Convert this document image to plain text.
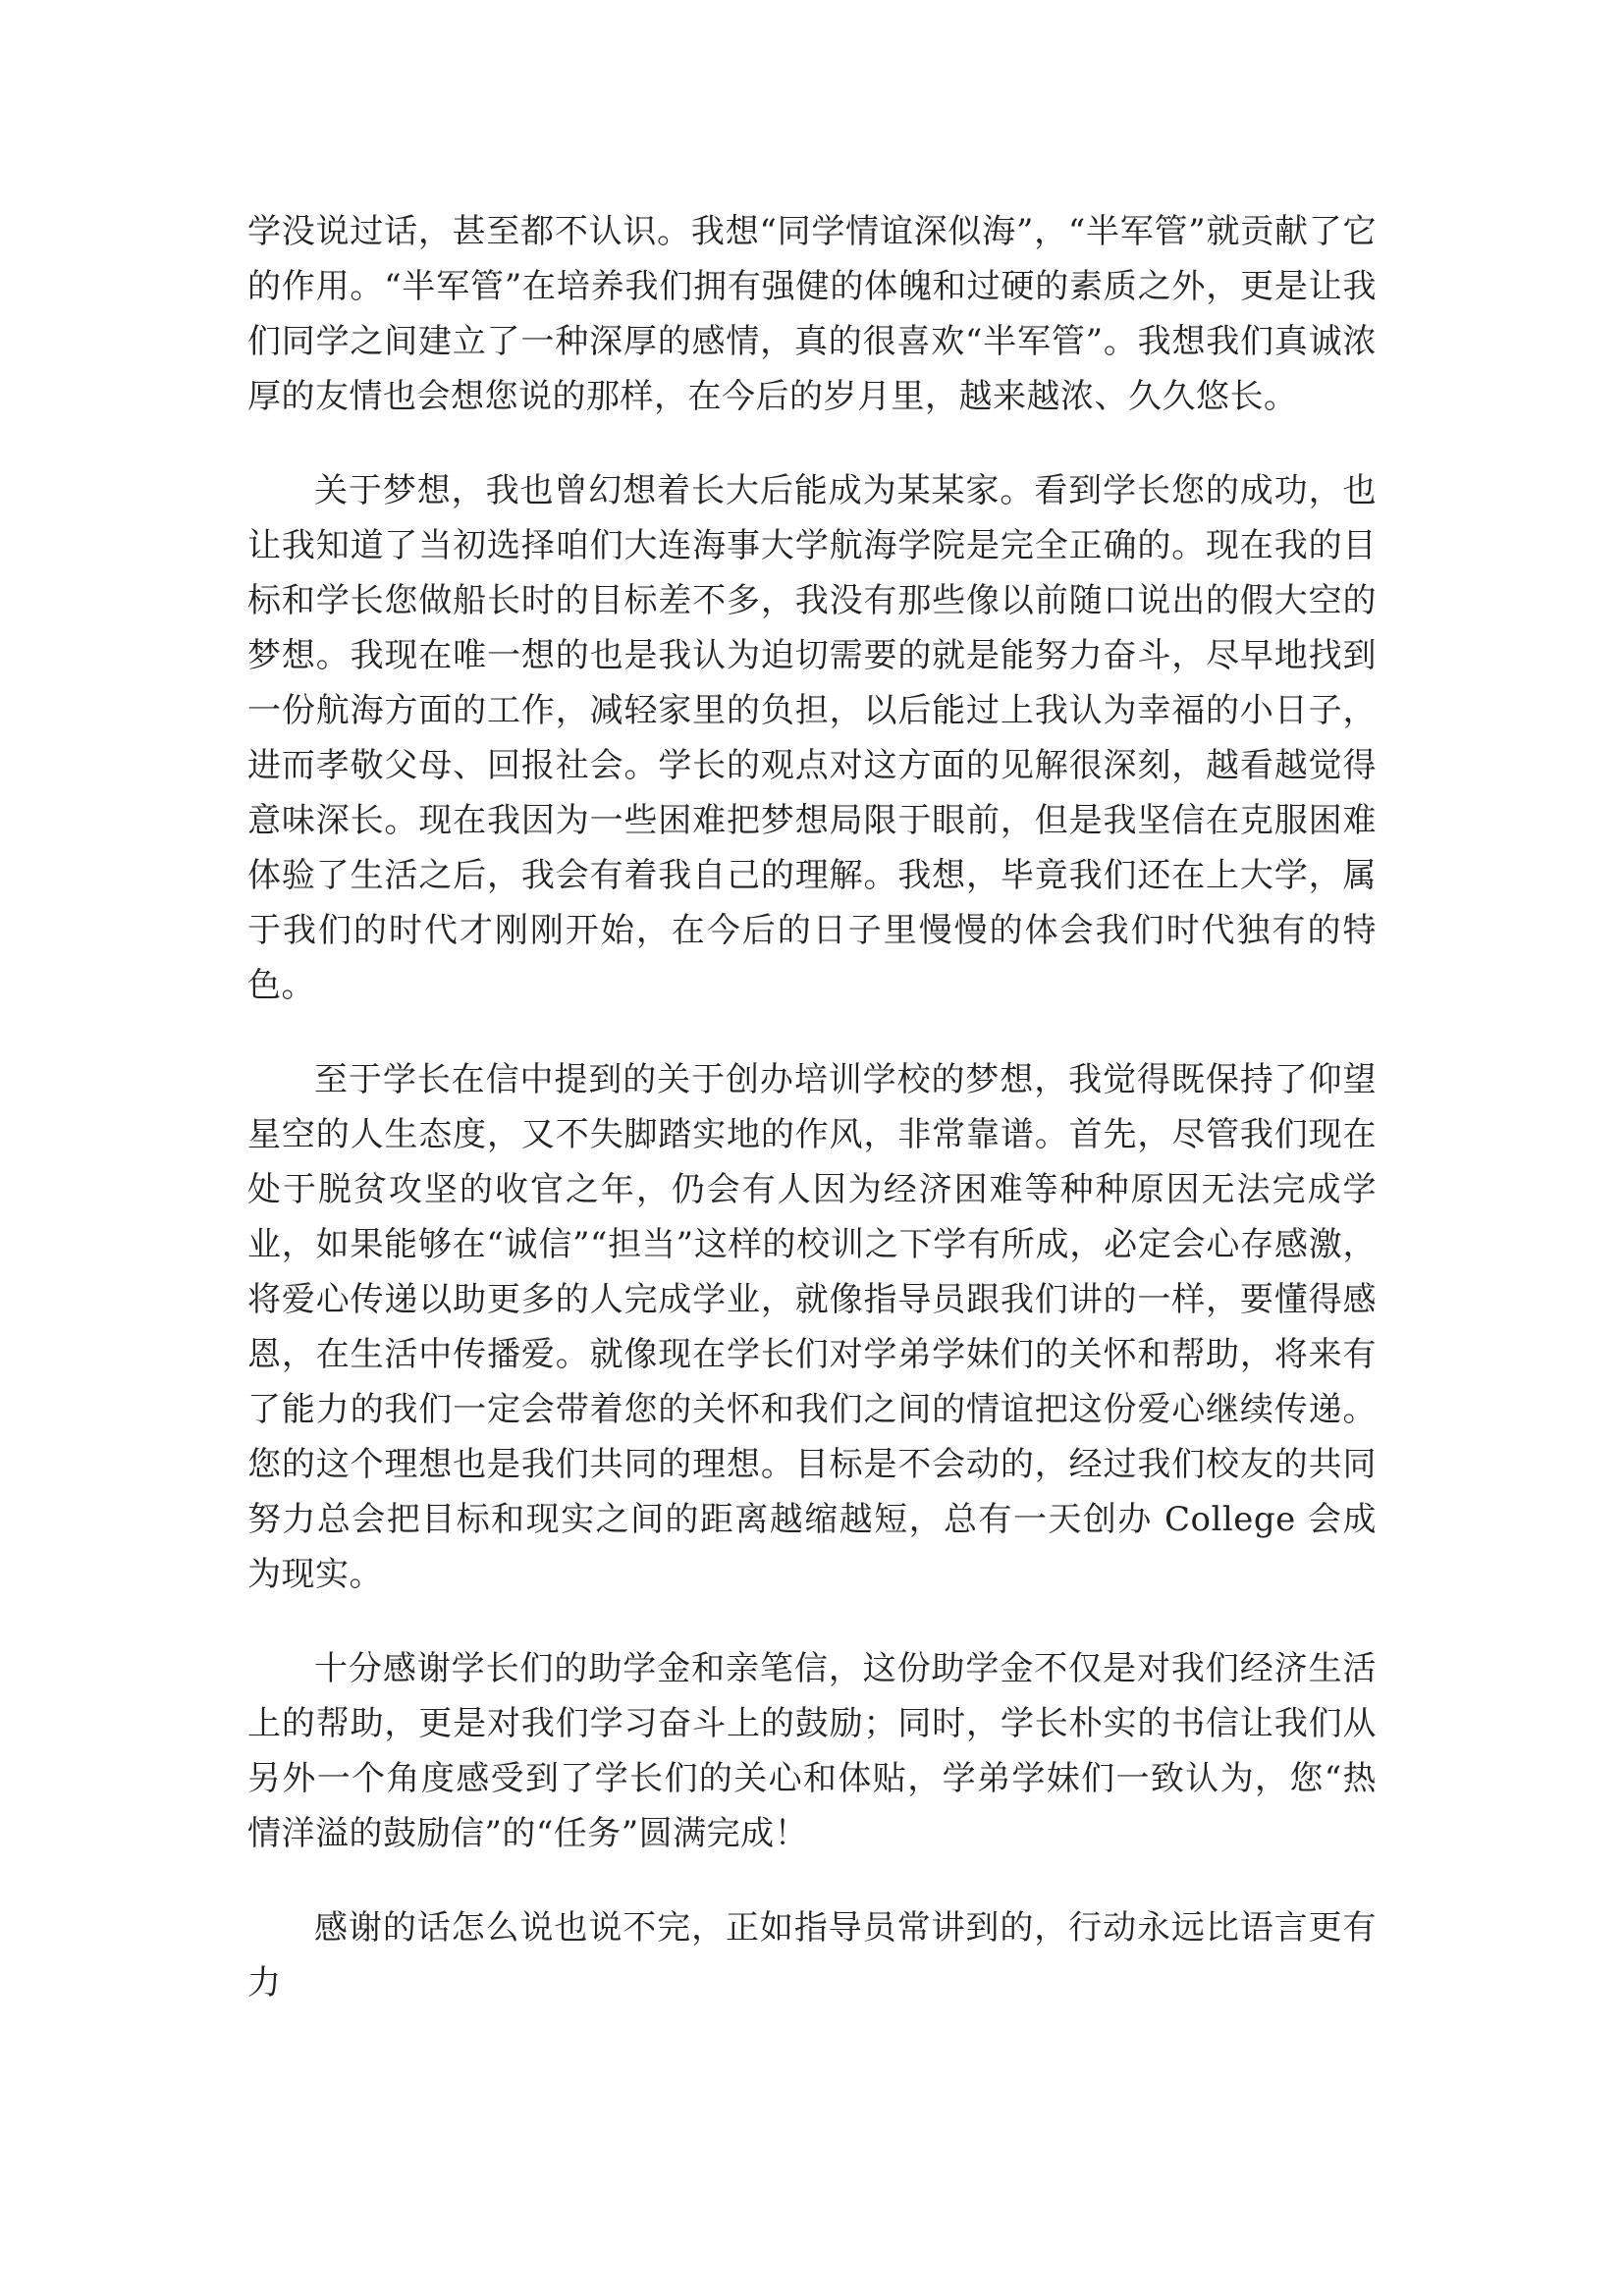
学没说过话，甚至都不认识。我想“同学情谊深似海”，“半军管”就贡献了它的作用。“半军管”在培养我们拥有强健的体魄和过硬的素质之外，更是让我们同学之间建立了一种深厚的感情，真的很喜欢“半军管”。我想我们真诚浓厚的友情也会想您说的那样，在今后的岁月里，越来越浓、久久悠长。

关于梦想，我也曾幻想着长大后能成为某某家。看到学长您的成功，也让我知道了当初选择咱们大连海事大学航海学院是完全正确的。现在我的目标和学长您做船长时的目标差不多，我没有那些像以前随口说出的假大空的梦想。我现在唯一想的也是我认为迫切需要的就是能努力奋斗，尽早地找到一份航海方面的工作，减轻家里的负担，以后能过上我认为幸福的小日子，进而孝敬父母、回报社会。学长的观点对这方面的见解很深刻，越看越觉得意味深长。现在我因为一些困难把梦想局限于眼前，但是我坚信在克服困难体验了生活之后，我会有着我自己的理解。我想，毕竟我们还在上大学，属于我们的时代才刚刚开始，在今后的日子里慢慢的体会我们时代独有的特色。

至于学长在信中提到的关于创办培训学校的梦想，我觉得既保持了仰望星空的人生态度，又不失脚踏实地的作风，非常靠谱。首先，尽管我们现在处于脱贫攻坚的收官之年，仍会有人因为经济困难等种种原因无法完成学业，如果能够在“诚信”“担当”这样的校训之下学有所成，必定会心存感激，将爱心传递以助更多的人完成学业，就像指导员跟我们讲的一样，要懂得感恩，在生活中传播爱。就像现在学长们对学弟学妹们的关怀和帮助，将来有了能力的我们一定会带着您的关怀和我们之间的情谊把这份爱心继续传递。您的这个理想也是我们共同的理想。目标是不会动的，经过我们校友的共同努力总会把目标和现实之间的距离越缩越短，总有一天创办 College 会成为现实。

十分感谢学长们的助学金和亲笔信，这份助学金不仅是对我们经济生活上的帮助，更是对我们学习奋斗上的鼓励；同时，学长朴实的书信让我们从另外一个角度感受到了学长们的关心和体贴，学弟学妹们一致认为，您“热情洋溢的鼓励信”的“任务”圆满完成！

感谢的话怎么说也说不完，正如指导员常讲到的，行动永远比语言更有力
